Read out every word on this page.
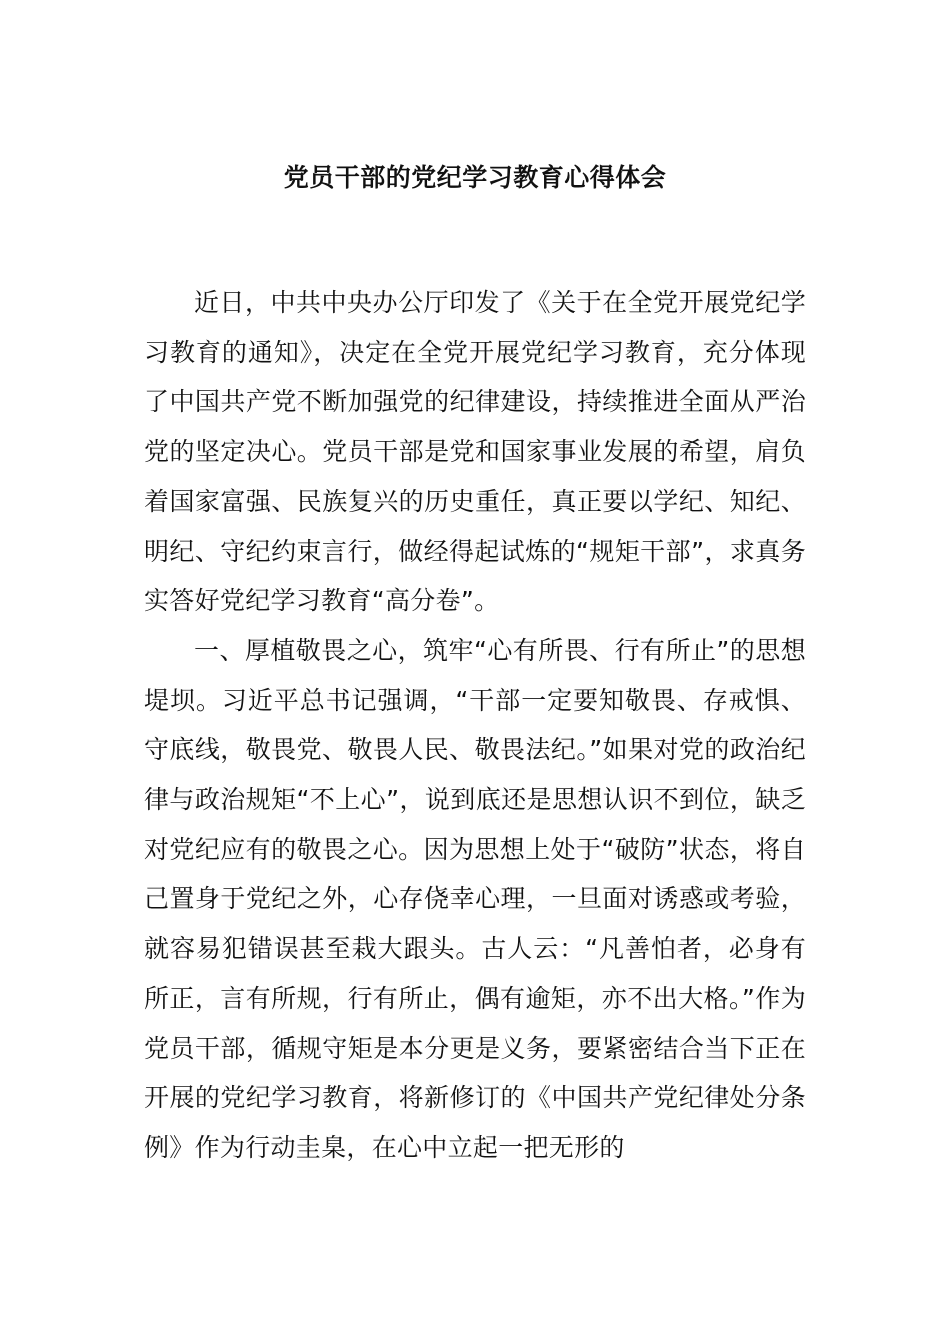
党员干部的党纪学习教育心得体会

近日，中共中央办公厅印发了《关于在全党开展党纪学习教育的通知》，决定在全党开展党纪学习教育，充分体现了中国共产党不断加强党的纪律建设，持续推进全面从严治党的坚定决心。党员干部是党和国家事业发展的希望，肩负着国家富强、民族复兴的历史重任，真正要以学纪、知纪、明纪、守纪约束言行，做经得起试炼的“规矩干部”，求真务实答好党纪学习教育“高分卷”。

一、厚植敬畏之心，筑牢“心有所畏、行有所止”的思想堤坝。习近平总书记强调，“干部一定要知敬畏、存戒惧、守底线，敬畏党、敬畏人民、敬畏法纪。”如果对党的政治纪律与政治规矩“不上心”，说到底还是思想认识不到位，缺乏对党纪应有的敬畏之心。因为思想上处于“破防”状态，将自己置身于党纪之外，心存侥幸心理，一旦面对诱惑或考验，就容易犯错误甚至栽大跟头。古人云：“凡善怕者，必身有所正，言有所规，行有所止，偶有逾矩，亦不出大格。”作为党员干部，循规守矩是本分更是义务，要紧密结合当下正在开展的党纪学习教育，将新修订的《中国共产党纪律处分条例》作为行动圭臬，在心中立起一把无形的
